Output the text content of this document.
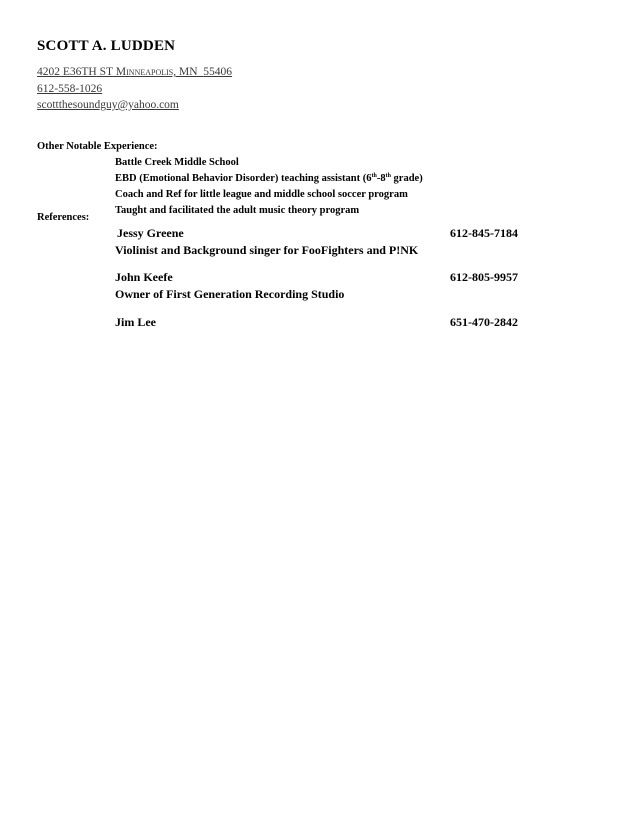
SCOTT A. LUDDEN
4202 E36TH ST Minneapolis, MN 55406
612-558-1026
scottthesoundguy@yahoo.com
Other Notable Experience:
Battle Creek Middle School
EBD (Emotional Behavior Disorder) teaching assistant (6th-8th grade)
Coach and Ref for little league and middle school soccer program
Taught and facilitated the adult music theory program
References:
Jessy Greene	612-845-7184
Violinist and Background singer for FooFighters and P!NK
John Keefe	612-805-9957
Owner of First Generation Recording Studio
Jim Lee	651-470-2842
